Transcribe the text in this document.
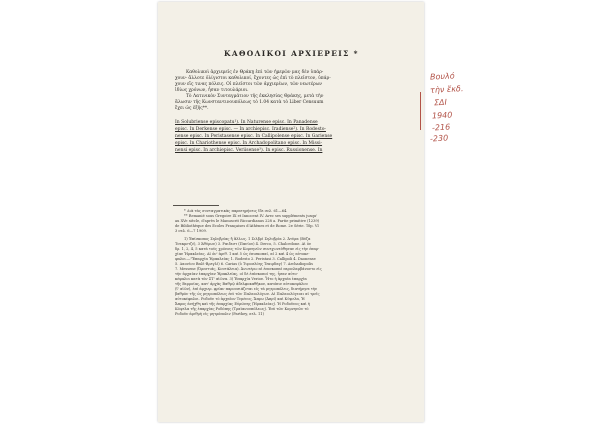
ΚΑΘΟΛΙΚΟΙ ΑΡΧΙΕΡΕΙΣ *
Καθολικοὶ ἀρχιερεῖς ἐν Θράκῃ ἐπὶ τῶν ἡμερῶν μας δὲν ὑπάρ-
χουν· ἄλλοτε ὀλίγιστοι καθολικοί, ἔχοντες ὡς ἐπὶ τὸ πλεῖστον, ὑπάρ-
χουν εἴς τινας πόλεις. Οἱ πλεῖστοι τῶν ἀρχιερέων, τῶν νεωτέρων
ἰδίως χρόνων, ἦσαν τιτουλάριοι.
Τὸ Λατινικὸν Συνταγμάτιον τῆς ἐκκλησίας Θράκης, μετὰ τὴν
ἅλωσιν τῆς Κωνσταντινουπόλεως τὸ 1.04 κατὰ τὸ Liber Censuum
ἔχει ὡς ἑξῆς**.
In Solubriense episcopatu¹). In Naturense episc. In Panadense
episc. In Derkense episc. — In archiepisc. Iradiense²). In Rodesto-
nense episc. In Peristasense episc. In Callipolense episc. In Gariense
episc. In Chariothense episc. In Archadopolitano episc. In Missi-
nensi episc. In archiepisc. Veriisense³). In episc. Russionense. In
* Διὰ τὰς συνταγματικὰς παρατηρήσεις ἴδε σελ. 61—64.
** Remanié sous Gregoire IX et Innocent IV. Avec ses suppléments jusqu'
au XVe siècle, d'après le Manuscrit Riccardianus 228 a. Partie primitive (1239)
de Bibliothèque des Ecoles Françaises d'Athènes et de Rome. 2e Série. Tôp. VI
3 σελ. 6—7 1909.
1) Ἐπίσκοπος Σηλυβρίας ἢ ἄλλως. 1 Σιλβρὶ Σηλυβρία 2. Ἀτύρα (Βύζα
Τσεκμετζέ), 3 Ἀθύρων) 3. Ραιδεστ (Πανίου) 4. Derco, 5. Chalcedone. Αἱ ὀν
δρ. 1, 2, 4, 5 κατὰ τοὺς χρόνους τῶν Κομνηνῶν συνεχωνεύθησαν εἰς τὴν ἐπαρ-
χίαν Ἡρακλείας. Αἱ ὀν' ἀριθ. 1 καὶ 5 ὡς ἐπισκοπαί, αἱ 2 καὶ 4 ὡς αὐτοκε-
φαλοι.—²Ἐπαρχία Ἡρακλείας 1. Rodesto 2. Peristasi 3. Callipoli 4. Daonense
5. Δαονίου Βαλὶ-Βρεγλί) 6. Carias (ὁ Τυροσλόης Τεκιρδαγ) 7. Archadiopolis
7. Messene (Ὀρεστιάς, Κουτάλεια). Ἀνωτέρω αἱ ἐπισκοπαὶ περιελαμβάνοντο εἰς
τὴν ἀρχαίαν ἐπαρχίαν Ἡρακλείας, οἱ δὲ ἐπίσκοποί της, ἦσαν αὐτο-
κέφαλοι κατὰ τὸν ΣΤ' αἰῶνα. 3) Ἐπαρχία Verioe. Ἦτο ἡ ἀρχαία ἐπαρχία
τῆς Βερροίας, κατ' ἀρχὰς Βαθμῷ ἀδελφοκαθῆκον, κατόπιν αὐτοκεφάλου
(ἴ' αἰῶν), ἐπὶ ἀρχιερ. φρίαν παρουσιάζεται εἰς τὰ μητροπόλεις, διατήρησε τὴν
βαθμὸν τῆς ὡς μητροπόλεως ἐπὶ τῶν Παλαιολόγων. Αἱ Παλαιολόγειαι αἱ τρεῖς
αὐτοκέφαλοι. Ροδοῦν τὸ ἀρχαῖον Τεμένος, Ἄπρω (Ἀπρί) καὶ Κύψελα, Ἡ
Ἄπρος ἀνήχθη καὶ τῆς ἐπαρχίας Εὐρώπης (Ἡρακλείας). Ἡ Ροδοῦνος καὶ ἡ
Κόψελα τῆς ἐπαρχίας Ροδόπης (Τραϊανουπόλεως). Ἐπὶ τῶν Κομνηνῶν τὸ
Ροδοῦν ἀριθμὴ εἰς μητρόπολιν (Parthey, σελ. 11)
Βουλό
τὴν ἔκδ.
ΣΔΙ
1940
-216
-230
